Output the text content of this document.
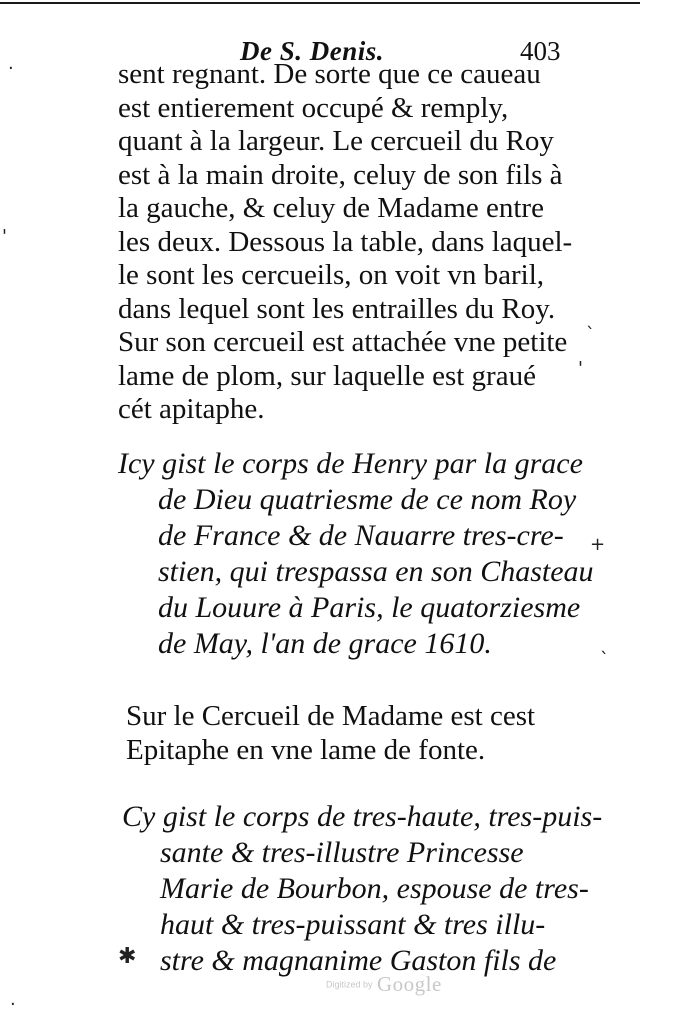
De S. Denis.	403
sent regnant. De sorte que ce caueau
est entierement occupé & remply,
quant à la largeur. Le cercueil du Roy
est à la main droite, celuy de son fils à
la gauche, & celuy de Madame entre
les deux. Dessous la table, dans laquel-
le sont les cercueils, on voit vn baril,
dans lequel sont les entrailles du Roy.
Sur son cercueil est attachée vne petite
lame de plom, sur laquelle est graué
cét apitaphe.
Icy gist le corps de Henry par la grace
de Dieu quatriesme de ce nom Roy
de France & de Nauarre tres-cre-
stien, qui trespassa en son Chasteau
du Louure à Paris, le quatorziesme
de May, l'an de grace 1610.
Sur le Cercueil de Madame est cest
Epitaphe en vne lame de fonte.
Cy gist le corps de tres-haute, tres-puis-
sante & tres-illustre Princesse
Marie de Bourbon, espouse de tres-
haut & tres-puissant & tres illu-
stre & magnanime Gaston fils de
·
'
`
'
+
`
✱
·
Digitized by Google
